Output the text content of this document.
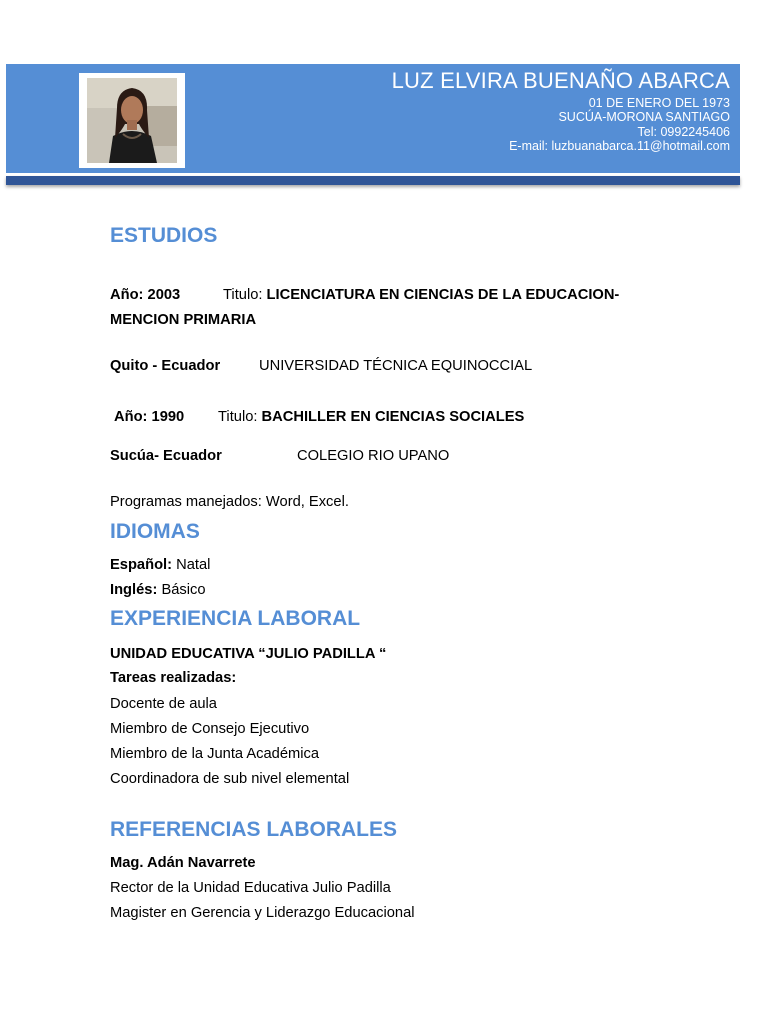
LUZ ELVIRA BUENAÑO ABARCA
01 DE ENERO DEL 1973
SUCÚA-MORONA SANTIAGO
Tel: 0992245406
E-mail: luzbuanabarca.11@hotmail.com
ESTUDIOS
Año: 2003	Titulo: LICENCIATURA EN CIENCIAS DE LA EDUCACION-
MENCION PRIMARIA
Quito - Ecuador	UNIVERSIDAD TÉCNICA EQUINOCCIAL
Año: 1990 Titulo: BACHILLER EN CIENCIAS SOCIALES
Sucúa- Ecuador	COLEGIO RIO UPANO
Programas manejados: Word, Excel.
IDIOMAS
Español: Natal
Inglés: Básico
EXPERIENCIA LABORAL
UNIDAD EDUCATIVA “JULIO PADILLA “
Tareas realizadas:
Docente de aula
Miembro de Consejo Ejecutivo
Miembro de la Junta Académica
Coordinadora de sub nivel elemental
REFERENCIAS LABORALES
Mag. Adán Navarrete
Rector de la Unidad Educativa Julio Padilla
Magister en Gerencia y Liderazgo Educacional
